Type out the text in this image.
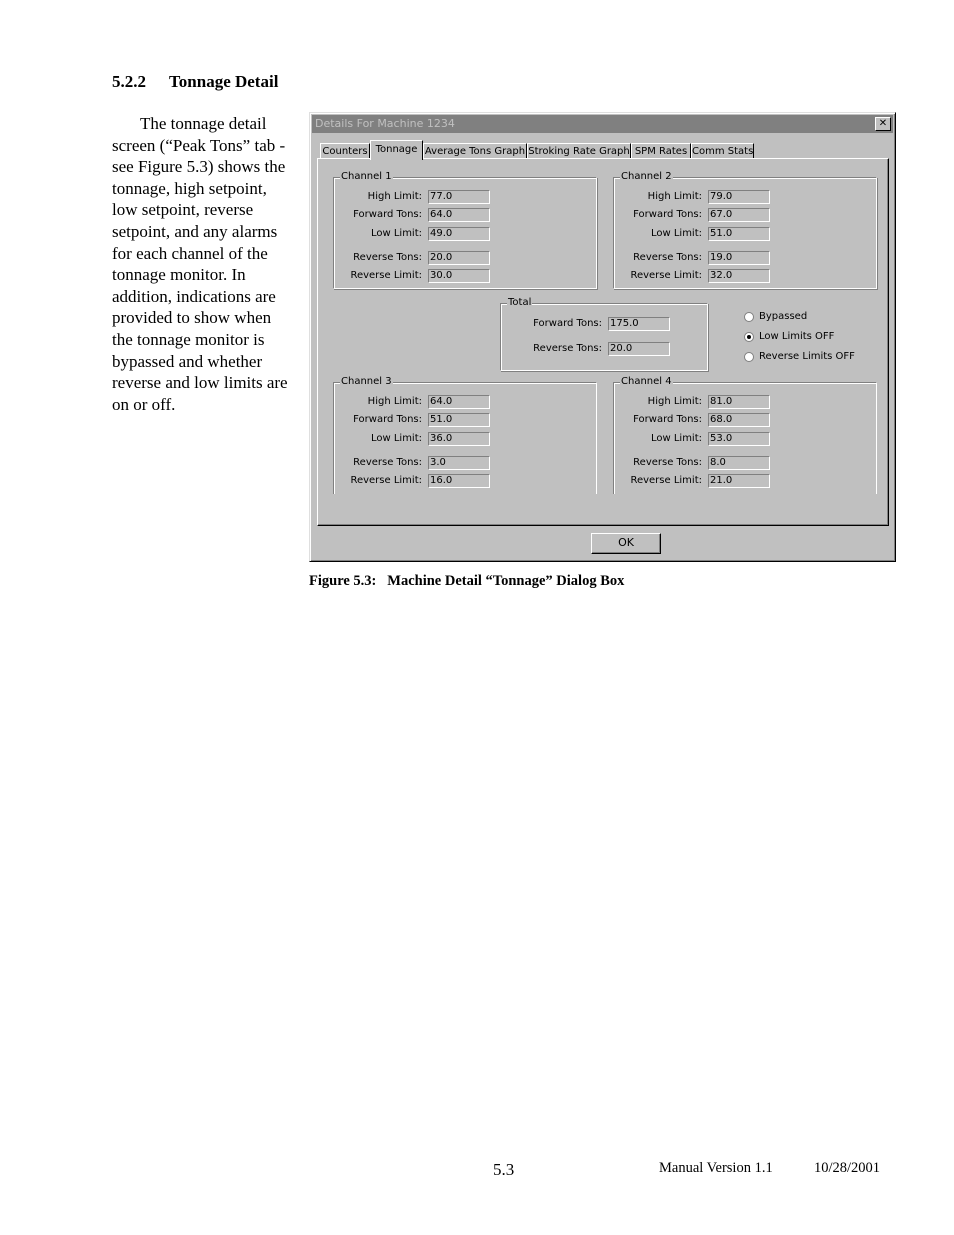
5.2.2 Tonnage Detail

The tonnage detail screen (“Peak Tons” tab - see Figure 5.3) shows the tonnage, high setpoint, low setpoint, reverse setpoint, and any alarms for each channel of the tonnage monitor. In addition, indications are provided to show when the tonnage monitor is bypassed and whether reverse and low limits are on or off.

Details For Machine 1234	✕
Counters Tonnage Average Tons Graph Stroking Rate Graph SPM Rates Comm Stats
Channel 1
High Limit: 77.0
Forward Tons: 64.0
Low Limit: 49.0
Reverse Tons: 20.0
Reverse Limit: 30.0
Channel 2
High Limit: 79.0
Forward Tons: 67.0
Low Limit: 51.0
Reverse Tons: 19.0
Reverse Limit: 32.0
Total
Forward Tons: 175.0
Reverse Tons: 20.0
Bypassed
Low Limits OFF
Reverse Limits OFF
Channel 3
High Limit: 64.0
Forward Tons: 51.0
Low Limit: 36.0
Reverse Tons: 3.0
Reverse Limit: 16.0
Channel 4
High Limit: 81.0
Forward Tons: 68.0
Low Limit: 53.0
Reverse Tons: 8.0
Reverse Limit: 21.0
OK
Figure 5.3: Machine Detail “Tonnage” Dialog Box
5.3	Manual Version 1.1	10/28/2001
